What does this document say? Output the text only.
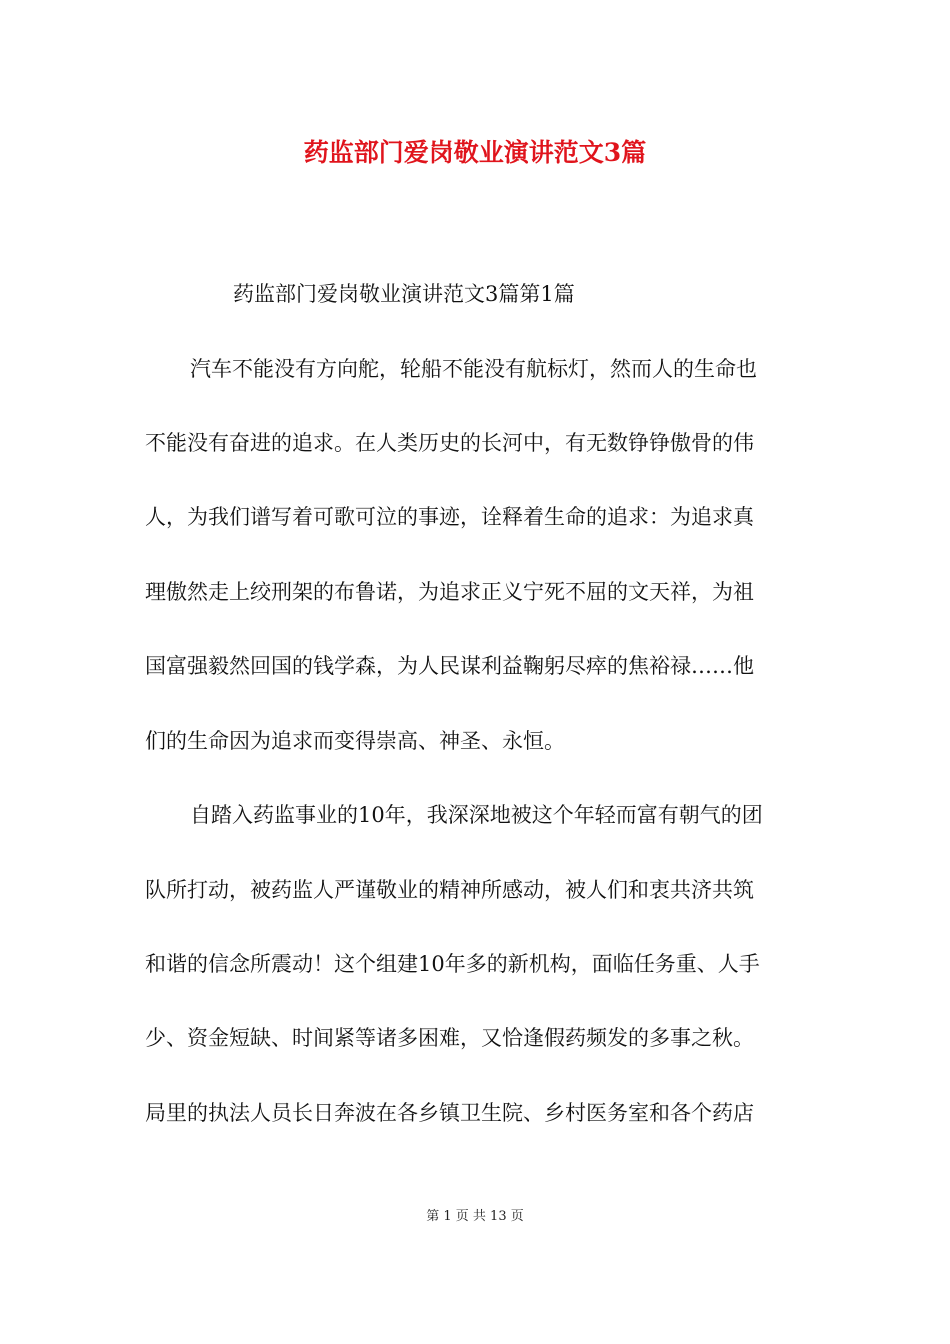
药监部门爱岗敬业演讲范文3篇

药监部门爱岗敬业演讲范文3篇第1篇

汽车不能没有方向舵，轮船不能没有航标灯，然而人的生命也

不能没有奋进的追求。在人类历史的长河中，有无数铮铮傲骨的伟

人，为我们谱写着可歌可泣的事迹，诠释着生命的追求：为追求真

理傲然走上绞刑架的布鲁诺，为追求正义宁死不屈的文天祥，为祖

国富强毅然回国的钱学森，为人民谋利益鞠躬尽瘁的焦裕禄……他

们的生命因为追求而变得崇高、神圣、永恒。

自踏入药监事业的10年，我深深地被这个年轻而富有朝气的团

队所打动，被药监人严谨敬业的精神所感动，被人们和衷共济共筑

和谐的信念所震动！这个组建10年多的新机构，面临任务重、人手

少、资金短缺、时间紧等诸多困难，又恰逢假药频发的多事之秋。

局里的执法人员长日奔波在各乡镇卫生院、乡村医务室和各个药店

第 1 页 共 13 页
